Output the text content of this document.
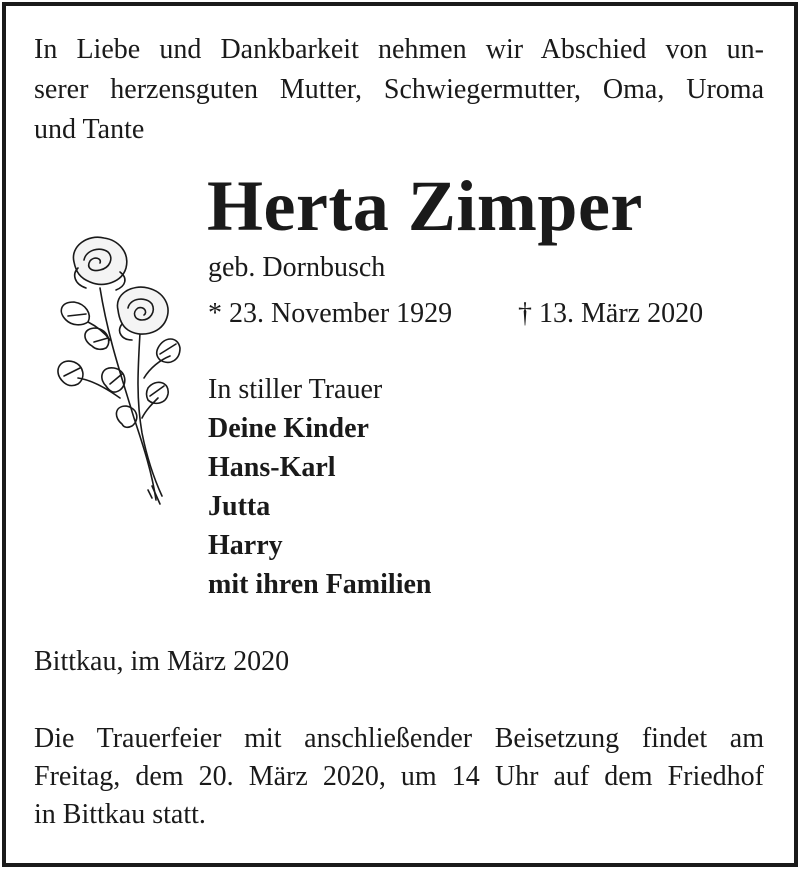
In Liebe und Dankbarkeit nehmen wir Abschied von un-
serer herzensguten Mutter, Schwiegermutter, Oma, Uroma
und Tante

Herta Zimper

geb. Dornbusch

* 23. November 1929 † 13. März 2020

In stiller Trauer
Deine Kinder
Hans-Karl
Jutta
Harry
mit ihren Familien

Bittkau, im März 2020

Die Trauerfeier mit anschließender Beisetzung findet am
Freitag, dem 20. März 2020, um 14 Uhr auf dem Friedhof
in Bittkau statt.
